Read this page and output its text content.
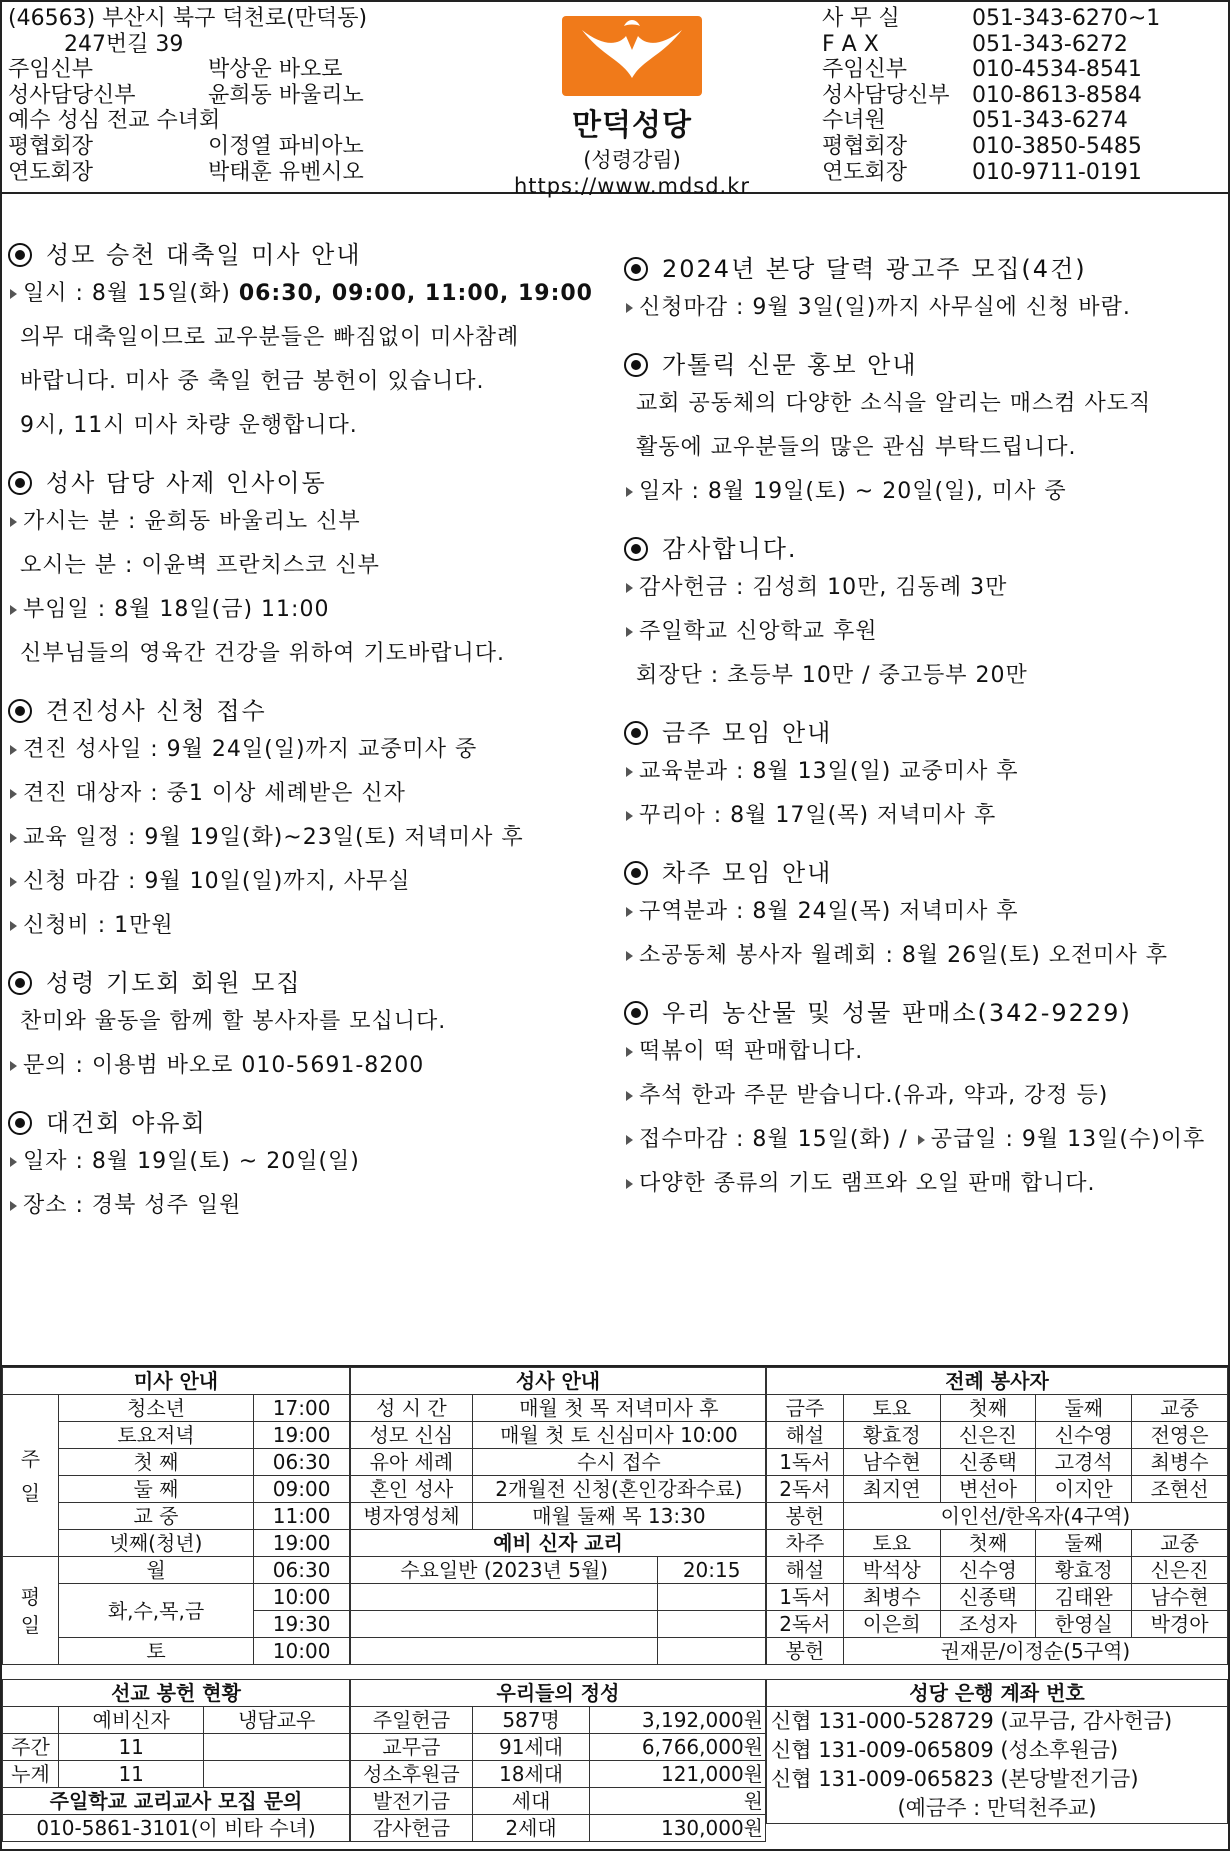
(46563) 부산시 북구 덕천로(만덕동)
247번길 39
주임신부	박상운 바오로
성사담당신부	윤희동 바울리노
예수 성심 전교 수녀회
평협회장	이정열 파비아노
연도회장	박태훈 유벤시오
만덕성당
(성령강림)
https://www.mdsd.kr
사 무 실	051-343-6270~1
F A X	051-343-6272
주임신부	010-4534-8541
성사담당신부	010-8613-8584
수녀원	051-343-6274
평협회장	010-3850-5485
연도회장	010-9711-0191
성모 승천 대축일 미사 안내
일시 : 8월 15일(화) 06:30, 09:00, 11:00, 19:00
의무 대축일이므로 교우분들은 빠짐없이 미사참례
바랍니다. 미사 중 축일 헌금 봉헌이 있습니다.
9시, 11시 미사 차량 운행합니다.
성사 담당 사제 인사이동
가시는 분 : 윤희동 바울리노 신부
오시는 분 : 이윤벽 프란치스코 신부
부임일 : 8월 18일(금) 11:00
신부님들의 영육간 건강을 위하여 기도바랍니다.
견진성사 신청 접수
견진 성사일 : 9월 24일(일)까지 교중미사 중
견진 대상자 : 중1 이상 세례받은 신자
교육 일정 : 9월 19일(화)~23일(토) 저녁미사 후
신청 마감 : 9월 10일(일)까지, 사무실
신청비 : 1만원
성령 기도회 회원 모집
찬미와 율동을 함께 할 봉사자를 모십니다.
문의 : 이용범 바오로 010-5691-8200
대건회 야유회
일자 : 8월 19일(토) ~ 20일(일)
장소 : 경북 성주 일원
2024년 본당 달력 광고주 모집(4건)
신청마감 : 9월 3일(일)까지 사무실에 신청 바람.
가톨릭 신문 홍보 안내
교회 공동체의 다양한 소식을 알리는 매스컴 사도직
활동에 교우분들의 많은 관심 부탁드립니다.
일자 : 8월 19일(토) ~ 20일(일), 미사 중
감사합니다.
감사헌금 : 김성희 10만, 김동례 3만
주일학교 신앙학교 후원
회장단 : 초등부 10만 / 중고등부 20만
금주 모임 안내
교육분과 : 8월 13일(일) 교중미사 후
꾸리아 : 8월 17일(목) 저녁미사 후
차주 모임 안내
구역분과 : 8월 24일(목) 저녁미사 후
소공동체 봉사자 월례회 : 8월 26일(토) 오전미사 후
우리 농산물 및 성물 판매소(342-9229)
떡볶이 떡 판매합니다.
추석 한과 주문 받습니다.(유과, 약과, 강정 등)
접수마감 : 8월 15일(화) / 공급일 : 9월 13일(수)이후
다양한 종류의 기도 램프와 오일 판매 합니다.
미사 안내		
주
일	청소년	17:00
	토요저녁	19:00
	첫 째	06:30
	둘 째	09:00
	교 중	11:00
	넷째(청년)	19:00
평
일	월	06:30
	화,수,목,금	10:00
		19:30
	토	10:00
성사 안내		
성 시 간	매월 첫 목 저녁미사 후	
성모 신심	매월 첫 토 신심미사 10:00	
유아 세례	수시 접수	
혼인 성사	2개월전 신청(혼인강좌수료)	
병자영성체	매월 둘째 목 13:30	
예비 신자 교리		
수요일반 (2023년 5월)		20:15

전례 봉사자				
금주	토요	첫째	둘째	교중
해설	황효정	신은진	신수영	전영은
1독서	남수현	신종택	고경석	최병수
2독서	최지연	변선아	이지안	조현선
봉헌	이인선/한옥자(4구역)			
차주	토요	첫째	둘째	교중
해설	박석상	신수영	황효정	신은진
1독서	최병수	신종택	김태완	남수현
2독서	이은희	조성자	한영실	박경아
봉헌	권재문/이정순(5구역)			
선교 봉헌 현황		
	예비신자	냉담교우
주간	11	
누계	11	
주일학교 교리교사 모집 문의		
010-5861-3101(이 비타 수녀)		
우리들의 정성		
주일헌금	587명	3,192,000원
교무금	91세대	6,766,000원
성소후원금	18세대	121,000원
발전기금	세대	원
감사헌금	2세대	130,000원
성당 은행 계좌 번호
신협 131-000-528729 (교무금, 감사헌금)
신협 131-009-065809 (성소후원금)
신협 131-009-065823 (본당발전기금)
(예금주 : 만덕천주교)
